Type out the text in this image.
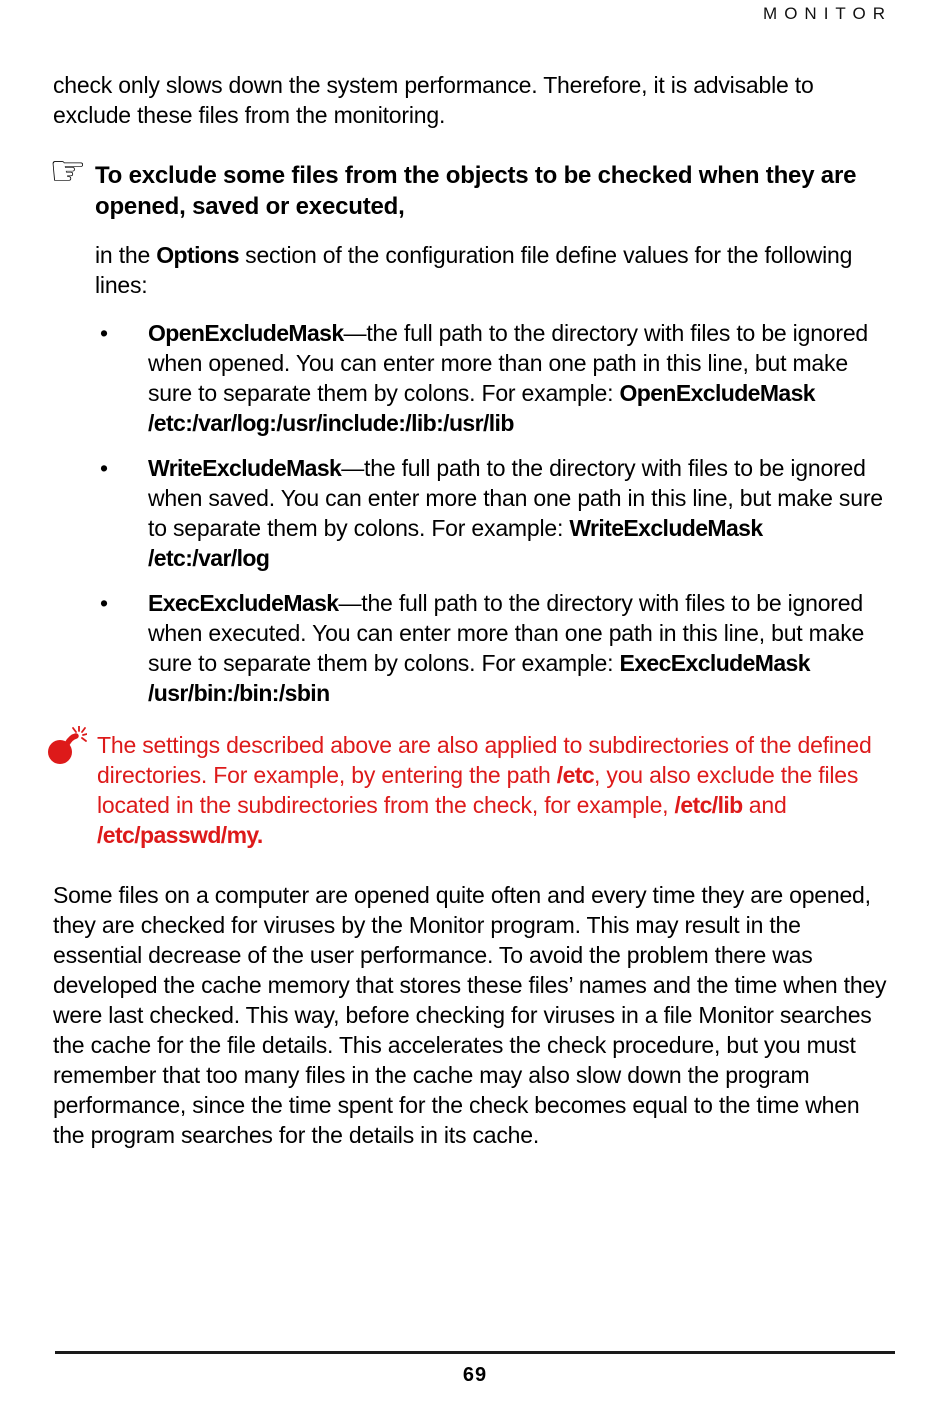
MONITOR

check only slows down the system performance. Therefore, it is advisable to exclude these files from the monitoring.

☞ To exclude some files from the objects to be checked when they are opened, saved or executed,

in the Options section of the configuration file define values for the following lines:

• OpenExcludeMask—the full path to the directory with files to be ignored when opened. You can enter more than one path in this line, but make sure to separate them by colons. For example: OpenExcludeMask /etc:/var/log:/usr/include:/lib:/usr/lib
• WriteExcludeMask—the full path to the directory with files to be ignored when saved. You can enter more than one path in this line, but make sure to separate them by colons. For example: WriteExcludeMask /etc:/var/log
• ExecExcludeMask—the full path to the directory with files to be ignored when executed. You can enter more than one path in this line, but make sure to separate them by colons. For example: ExecExcludeMask /usr/bin:/bin:/sbin

The settings described above are also applied to subdirectories of the defined directories. For example, by entering the path /etc, you also exclude the files located in the subdirectories from the check, for example, /etc/lib and /etc/passwd/my.

Some files on a computer are opened quite often and every time they are opened, they are checked for viruses by the Monitor program. This may result in the essential decrease of the user performance. To avoid the problem there was developed the cache memory that stores these files’ names and the time when they were last checked. This way, before checking for viruses in a file Monitor searches the cache for the file details. This accelerates the check procedure, but you must remember that too many files in the cache may also slow down the program performance, since the time spent for the check becomes equal to the time when the program searches for the details in its cache.

69
